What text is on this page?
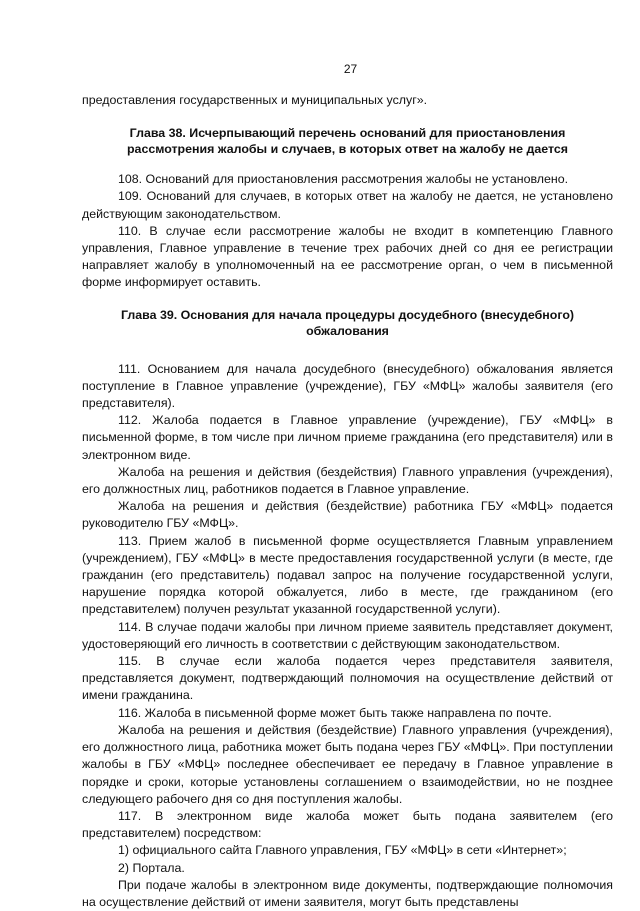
27

предоставления государственных и муниципальных услуг».

Глава 38. Исчерпывающий перечень оснований для приостановления рассмотрения жалобы и случаев, в которых ответ на жалобу не дается

108. Оснований для приостановления рассмотрения жалобы не установлено.

109. Оснований для случаев, в которых ответ на жалобу не дается, не установлено действующим законодательством.

110. В случае если рассмотрение жалобы не входит в компетенцию Главного управления, Главное управление в течение трех рабочих дней со дня ее регистрации направляет жалобу в уполномоченный на ее рассмотрение орган, о чем в письменной форме информирует оставить.

Глава 39. Основания для начала процедуры досудебного (внесудебного) обжалования

111. Основанием для начала досудебного (внесудебного) обжалования является поступление в Главное управление (учреждение), ГБУ «МФЦ» жалобы заявителя (его представителя).

112. Жалоба подается в Главное управление (учреждение), ГБУ «МФЦ» в письменной форме, в том числе при личном приеме гражданина (его представителя) или в электронном виде.

Жалоба на решения и действия (бездействия) Главного управления (учреждения), его должностных лиц, работников подается в Главное управление.

Жалоба на решения и действия (бездействие) работника ГБУ «МФЦ» подается руководителю ГБУ «МФЦ».

113. Прием жалоб в письменной форме осуществляется Главным управлением (учреждением), ГБУ «МФЦ» в месте предоставления государственной услуги (в месте, где гражданин (его представитель) подавал запрос на получение государственной услуги, нарушение порядка которой обжалуется, либо в месте, где гражданином (его представителем) получен результат указанной государственной услуги).

114. В случае подачи жалобы при личном приеме заявитель представляет документ, удостоверяющий его личность в соответствии с действующим законодательством.

115. В случае если жалоба подается через представителя заявителя, представляется документ, подтверждающий полномочия на осуществление действий от имени гражданина.

116. Жалоба в письменной форме может быть также направлена по почте.

Жалоба на решения и действия (бездействие) Главного управления (учреждения), его должностного лица, работника может быть подана через ГБУ «МФЦ». При поступлении жалобы в ГБУ «МФЦ» последнее обеспечивает ее передачу в Главное управление в порядке и сроки, которые установлены соглашением о взаимодействии, но не позднее следующего рабочего дня со дня поступления жалобы.

117. В электронном виде жалоба может быть подана заявителем (его представителем) посредством:

1) официального сайта Главного управления, ГБУ «МФЦ» в сети «Интернет»;

2) Портала.

При подаче жалобы в электронном виде документы, подтверждающие полномочия на осуществление действий от имени заявителя, могут быть представлены
